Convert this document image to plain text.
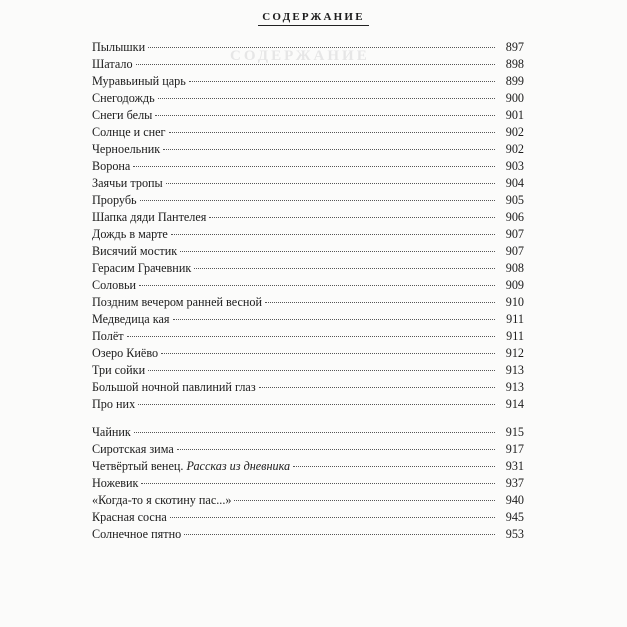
СОДЕРЖАНИЕ
СОДЕРЖАНИЕ
Пылышки	897
Шатало	898
Муравьиный царь	899
Снегодождь	900
Снеги белы	901
Солнце и снег	902
Черноельник	902
Ворона	903
Заячьи тропы	904
Прорубь	905
Шапка дяди Пантелея	906
Дождь в марте	907
Висячий мостик	907
Герасим Грачевник	908
Соловьи	909
Поздним вечером ранней весной	910
Медведица кая	911
Полёт	911
Озеро Киёво	912
Три сойки	913
Большой ночной павлиний глаз	913
Про них	914
Чайник	915
Сиротская зима	917
Четвёртый венец. Рассказ из дневника	931
Ножевик	937
«Когда-то я скотину пас...»	940
Красная сосна	945
Солнечное пятно	953
